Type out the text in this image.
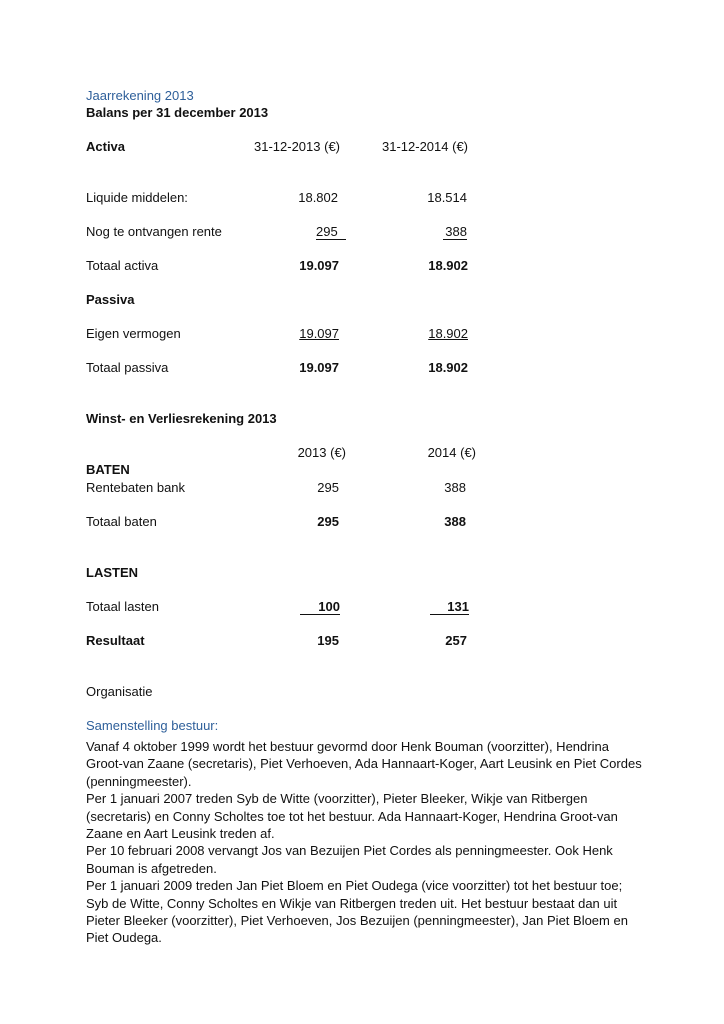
Jaarrekening 2013
Balans per 31 december 2013
Activa	31-12-2013 (€)	31-12-2014 (€)
Liquide middelen:	18.802	18.514
Nog te ontvangen rente	295	388
Totaal activa	19.097	18.902
Passiva
Eigen vermogen	19.097	18.902
Totaal passiva	19.097	18.902
Winst- en Verliesrekening 2013
2013 (€)	2014 (€)
BATEN
Rentebaten bank	295	388
Totaal baten	295	388
LASTEN
Totaal lasten	100	131
Resultaat	195	257
Organisatie
Samenstelling bestuur:
Vanaf 4 oktober 1999 wordt het bestuur gevormd door Henk Bouman (voorzitter), Hendrina Groot-van Zaane (secretaris), Piet Verhoeven, Ada Hannaart-Koger, Aart Leusink en Piet Cordes (penningmeester).
Per 1 januari 2007 treden Syb de Witte (voorzitter), Pieter Bleeker, Wikje van Ritbergen (secretaris) en Conny Scholtes toe tot het bestuur. Ada Hannaart-Koger, Hendrina Groot-van Zaane en Aart Leusink treden af.
Per 10 februari 2008 vervangt Jos van Bezuijen Piet Cordes als penningmeester. Ook Henk Bouman is afgetreden.
Per 1 januari 2009 treden Jan Piet Bloem en Piet Oudega (vice voorzitter) tot het bestuur toe; Syb de Witte, Conny Scholtes en Wikje van Ritbergen treden uit. Het bestuur bestaat dan uit Pieter Bleeker (voorzitter), Piet Verhoeven, Jos Bezuijen (penningmeester), Jan Piet Bloem en Piet Oudega.
